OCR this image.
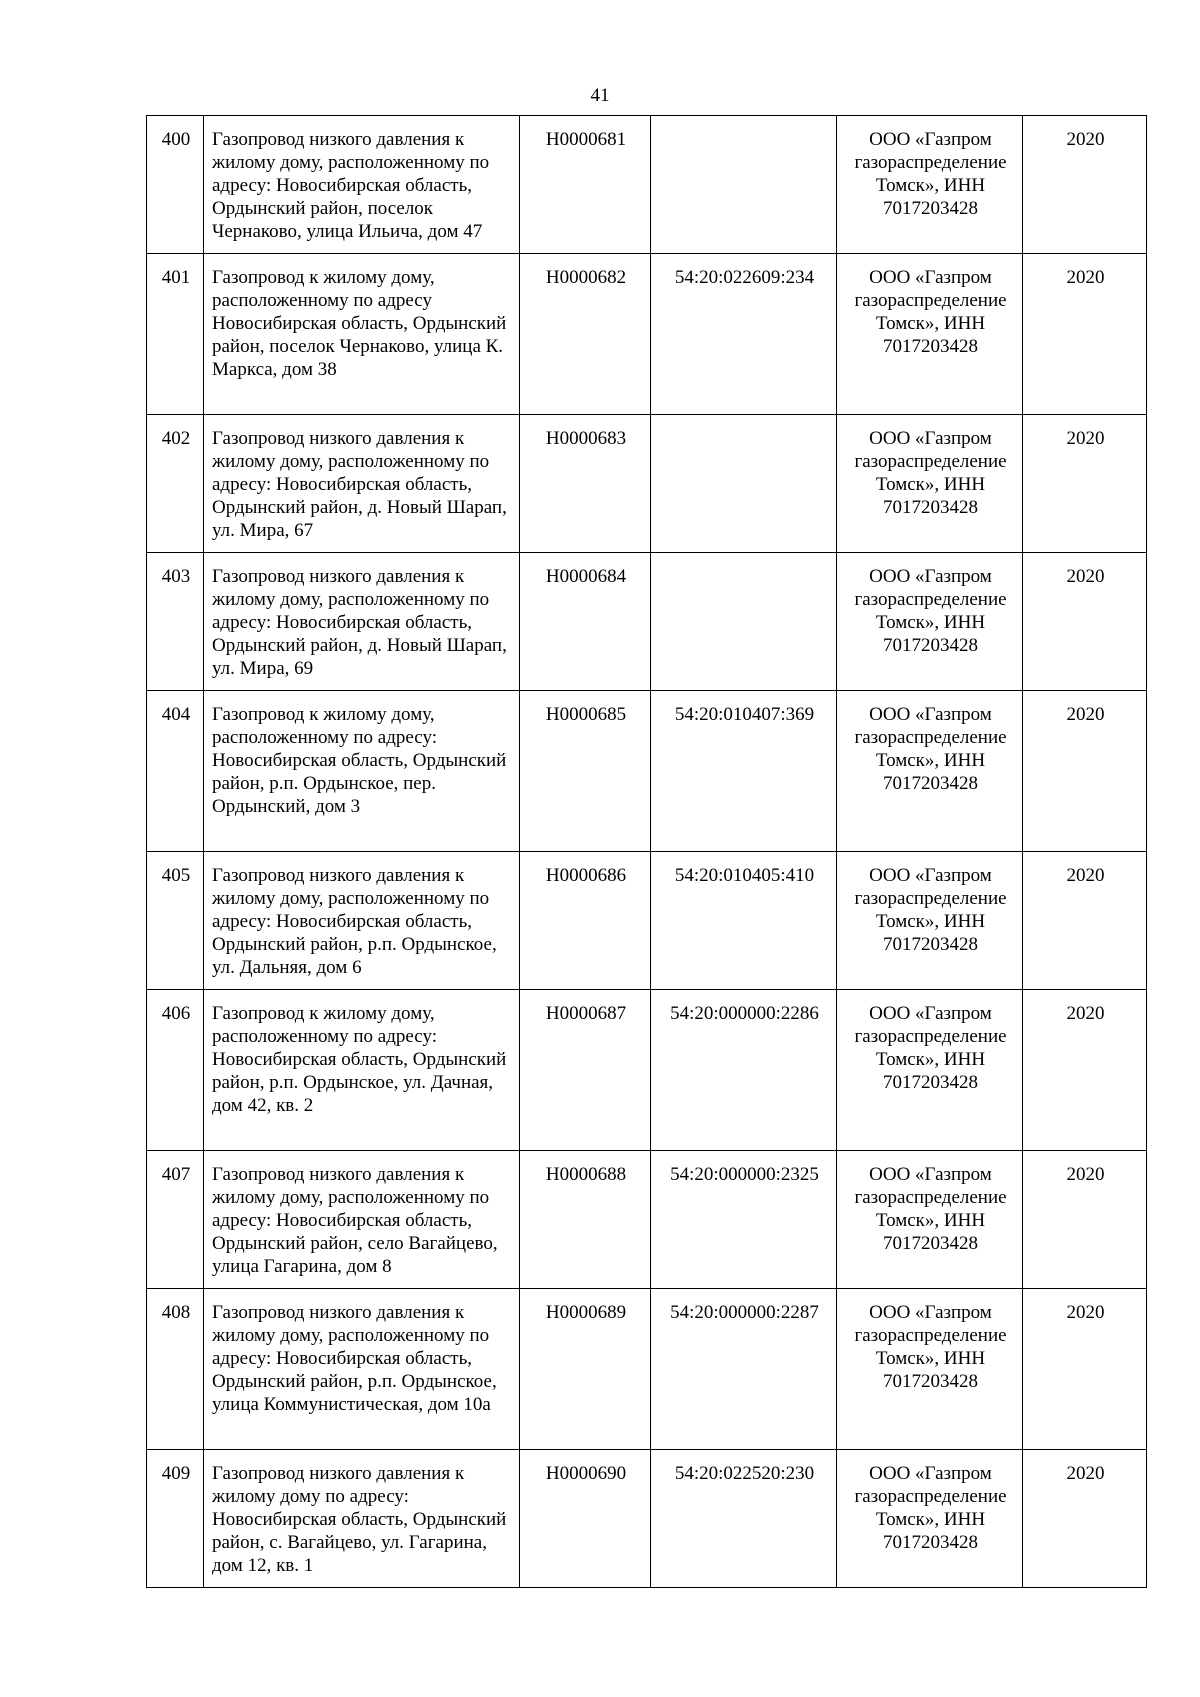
41
400	Газопровод низкого давления к жилому дому, расположенному по адресу: Новосибирская область, Ордынский район, поселок Чернаково, улица Ильича, дом 47	Н0000681		ООО «Газпром газораспределение Томск», ИНН 7017203428	2020
401	Газопровод к жилому дому, расположенному по адресу Новосибирская область, Ордынский район, поселок Чернаково, улица К. Маркса, дом 38	Н0000682	54:20:022609:234	ООО «Газпром газораспределение Томск», ИНН 7017203428	2020
402	Газопровод низкого давления к жилому дому, расположенному по адресу: Новосибирская область, Ордынский район, д. Новый Шарап, ул. Мира, 67	Н0000683		ООО «Газпром газораспределение Томск», ИНН 7017203428	2020
403	Газопровод низкого давления к жилому дому, расположенному по адресу: Новосибирская область, Ордынский район, д. Новый Шарап, ул. Мира, 69	Н0000684		ООО «Газпром газораспределение Томск», ИНН 7017203428	2020
404	Газопровод к жилому дому, расположенному по адресу: Новосибирская область, Ордынский район, р.п. Ордынское, пер. Ордынский, дом 3	Н0000685	54:20:010407:369	ООО «Газпром газораспределение Томск», ИНН 7017203428	2020
405	Газопровод низкого давления к жилому дому, расположенному по адресу: Новосибирская область, Ордынский район, р.п. Ордынское, ул. Дальняя, дом 6	Н0000686	54:20:010405:410	ООО «Газпром газораспределение Томск», ИНН 7017203428	2020
406	Газопровод к жилому дому, расположенному по адресу: Новосибирская область, Ордынский район, р.п. Ордынское, ул. Дачная, дом 42, кв. 2	Н0000687	54:20:000000:2286	ООО «Газпром газораспределение Томск», ИНН 7017203428	2020
407	Газопровод низкого давления к жилому дому, расположенному по адресу: Новосибирская область, Ордынский район, село Вагайцево, улица Гагарина, дом 8	Н0000688	54:20:000000:2325	ООО «Газпром газораспределение Томск», ИНН 7017203428	2020
408	Газопровод низкого давления к жилому дому, расположенному по адресу: Новосибирская область, Ордынский район, р.п. Ордынское, улица Коммунистическая, дом 10а	Н0000689	54:20:000000:2287	ООО «Газпром газораспределение Томск», ИНН 7017203428	2020
409	Газопровод низкого давления к жилому дому по адресу: Новосибирская область, Ордынский район, с. Вагайцево, ул. Гагарина, дом 12, кв. 1	Н0000690	54:20:022520:230	ООО «Газпром газораспределение Томск», ИНН 7017203428	2020
